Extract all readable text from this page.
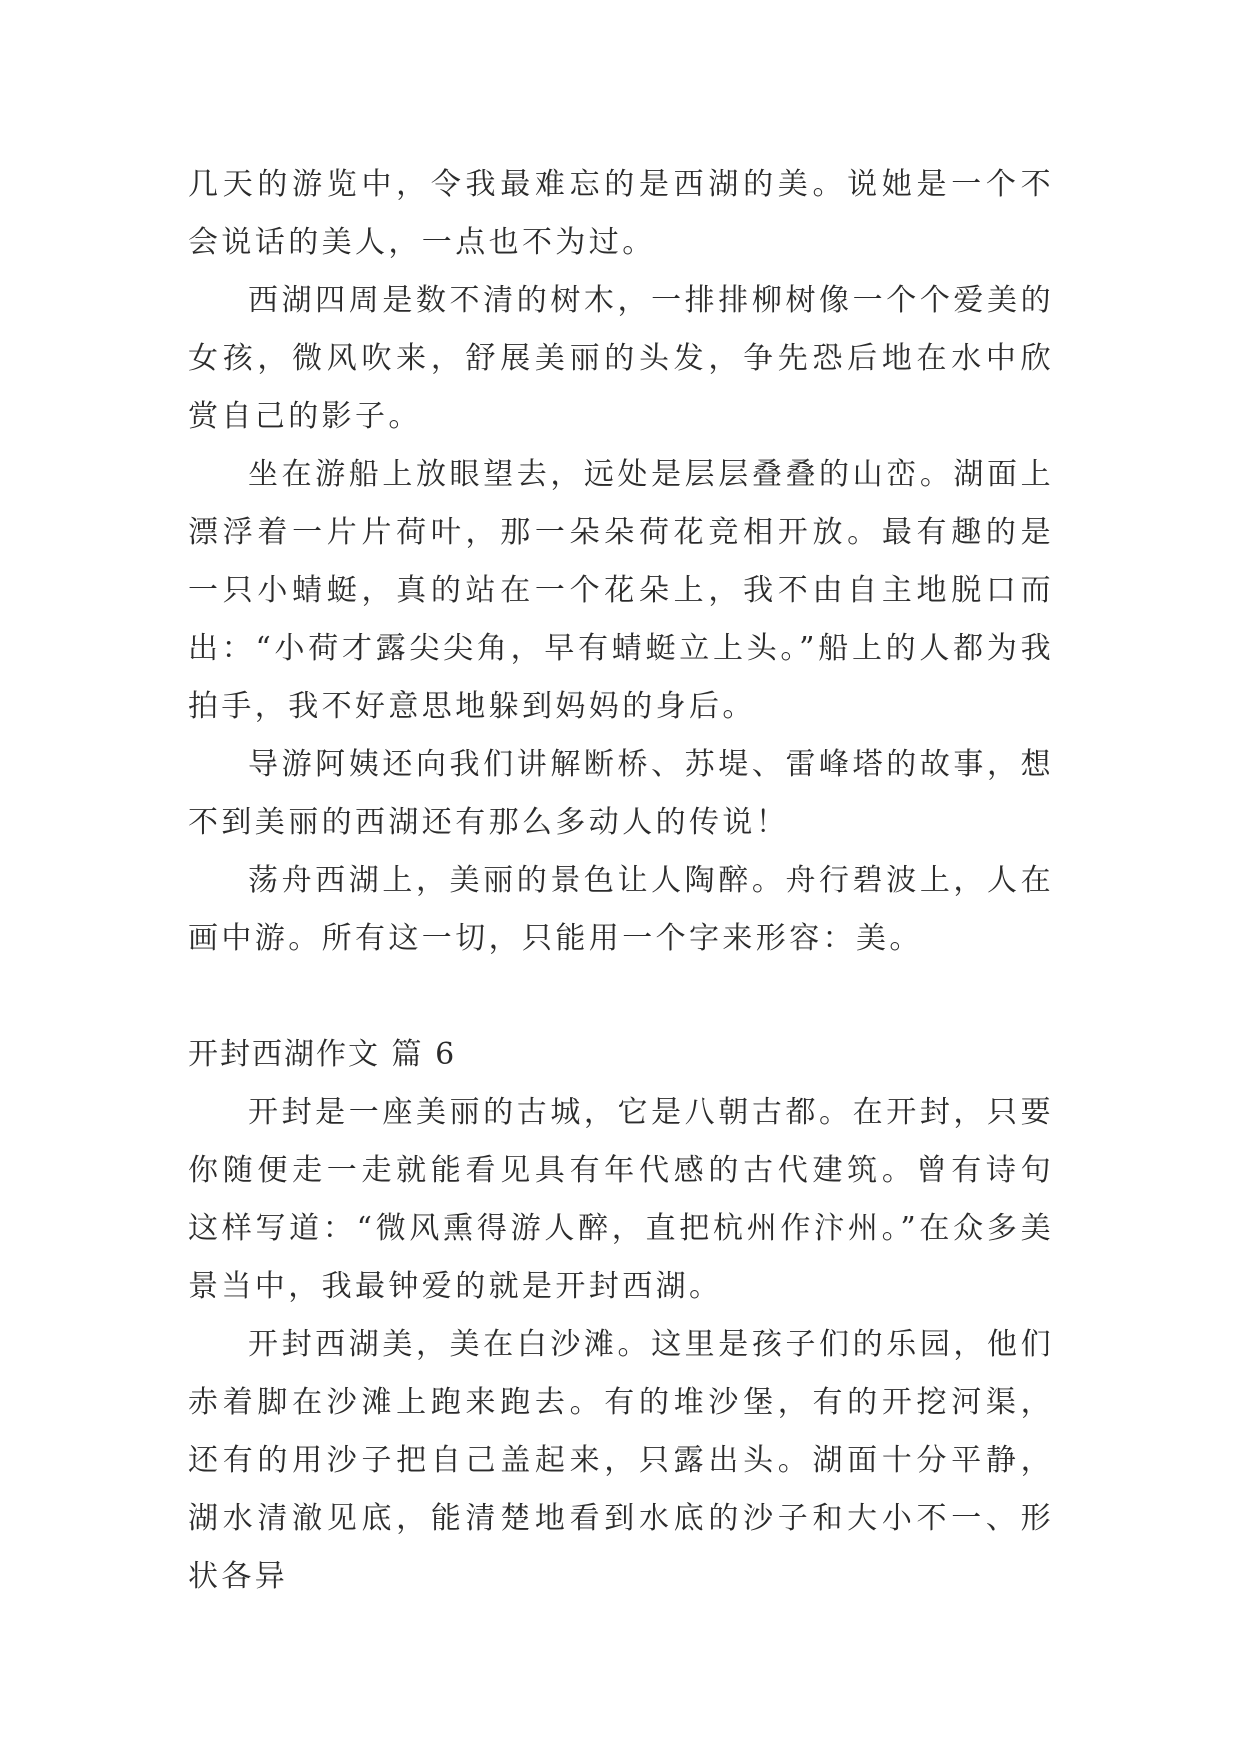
几天的游览中，令我最难忘的是西湖的美。说她是一个不会说话的美人，一点也不为过。

西湖四周是数不清的树木，一排排柳树像一个个爱美的女孩，微风吹来，舒展美丽的头发，争先恐后地在水中欣赏自己的影子。

坐在游船上放眼望去，远处是层层叠叠的山峦。湖面上漂浮着一片片荷叶，那一朵朵荷花竞相开放。最有趣的是一只小蜻蜓，真的站在一个花朵上，我不由自主地脱口而出：“小荷才露尖尖角，早有蜻蜓立上头。”船上的人都为我拍手，我不好意思地躲到妈妈的身后。

导游阿姨还向我们讲解断桥、苏堤、雷峰塔的故事，想不到美丽的西湖还有那么多动人的传说！

荡舟西湖上，美丽的景色让人陶醉。舟行碧波上，人在画中游。所有这一切，只能用一个字来形容：美。

开封西湖作文 篇 6

开封是一座美丽的古城，它是八朝古都。在开封，只要你随便走一走就能看见具有年代感的古代建筑。曾有诗句这样写道：“微风熏得游人醉，直把杭州作汴州。”在众多美景当中，我最钟爱的就是开封西湖。

开封西湖美，美在白沙滩。这里是孩子们的乐园，他们赤着脚在沙滩上跑来跑去。有的堆沙堡，有的开挖河渠，还有的用沙子把自己盖起来，只露出头。湖面十分平静，湖水清澈见底，能清楚地看到水底的沙子和大小不一、形状各异
